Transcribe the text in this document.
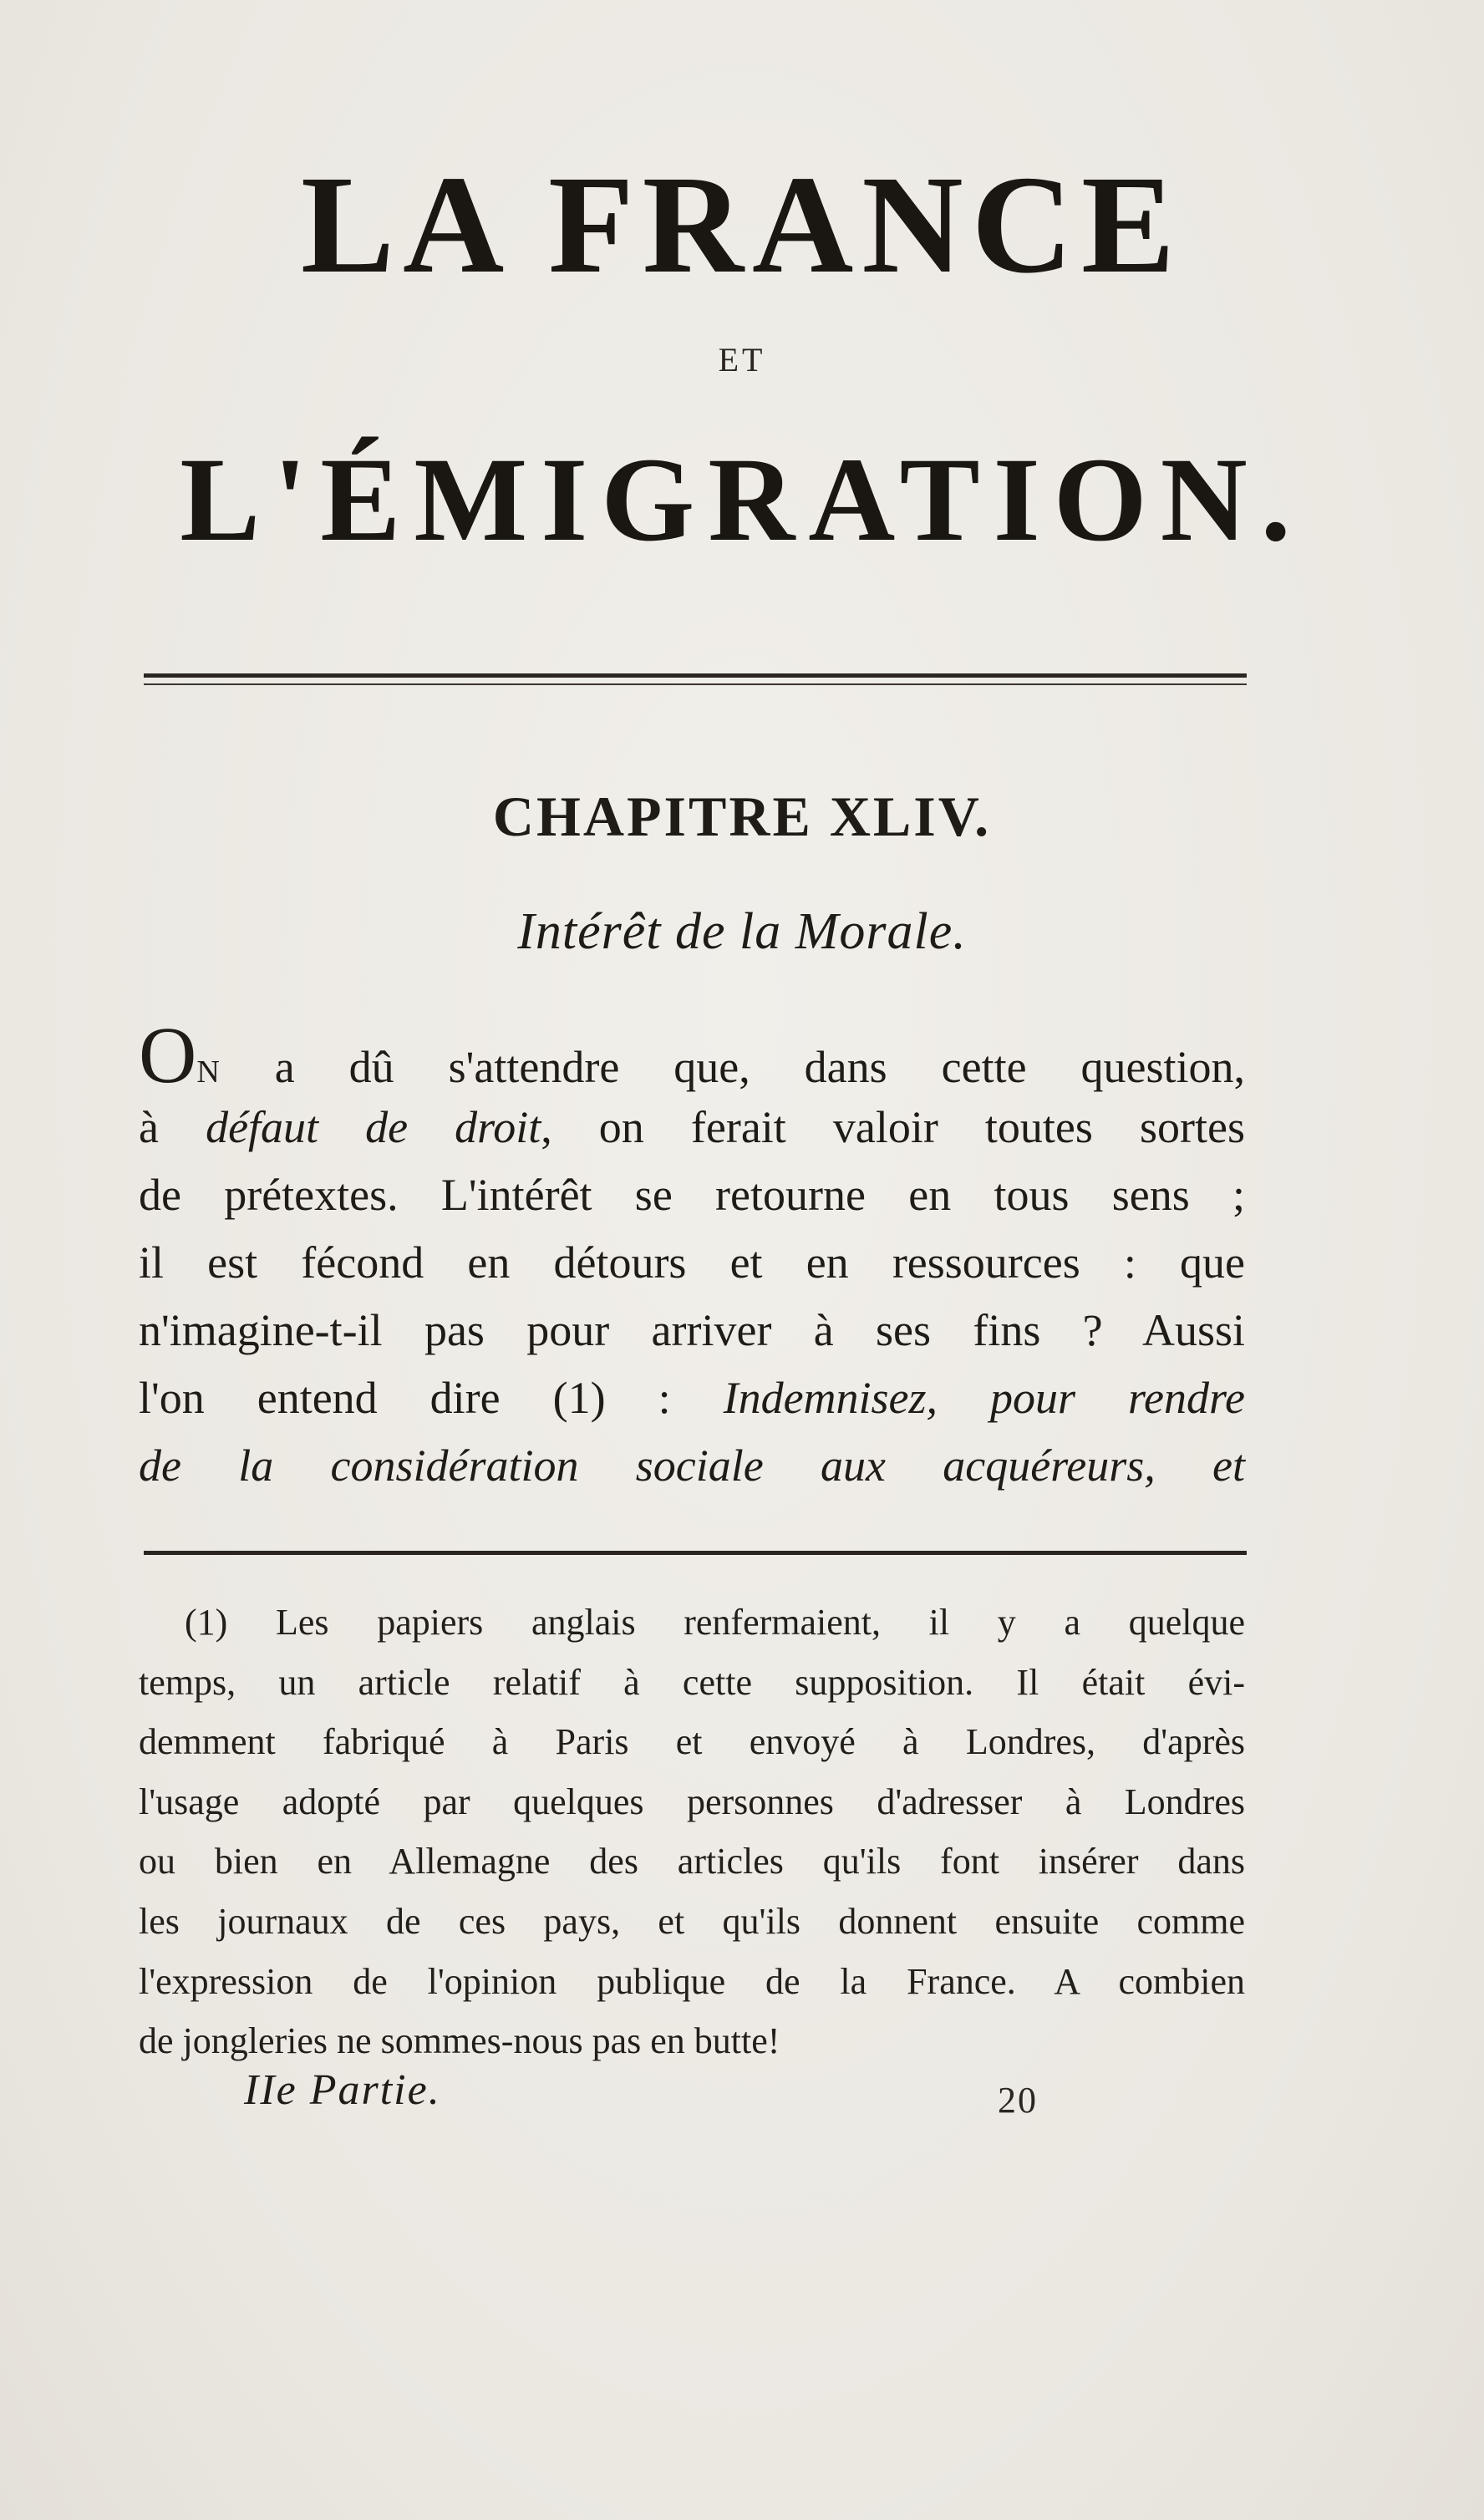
LA FRANCE
ET
L'ÉMIGRATION.
CHAPITRE XLIV.
Intérêt de la Morale.
ON a dû s'attendre que, dans cette question,
à défaut de droit, on ferait valoir toutes sortes
de prétextes. L'intérêt se retourne en tous sens ;
il est fécond en détours et en ressources : que
n'imagine-t-il pas pour arriver à ses fins ? Aussi
l'on entend dire (1) : Indemnisez, pour rendre
de la considération sociale aux acquéreurs, et
(1) Les papiers anglais renfermaient, il y a quelque
temps, un article relatif à cette supposition. Il était évi-
demment fabriqué à Paris et envoyé à Londres, d'après
l'usage adopté par quelques personnes d'adresser à Londres
ou bien en Allemagne des articles qu'ils font insérer dans
les journaux de ces pays, et qu'ils donnent ensuite comme
l'expression de l'opinion publique de la France. A combien
de jongleries ne sommes-nous pas en butte!
IIe Partie.	20
